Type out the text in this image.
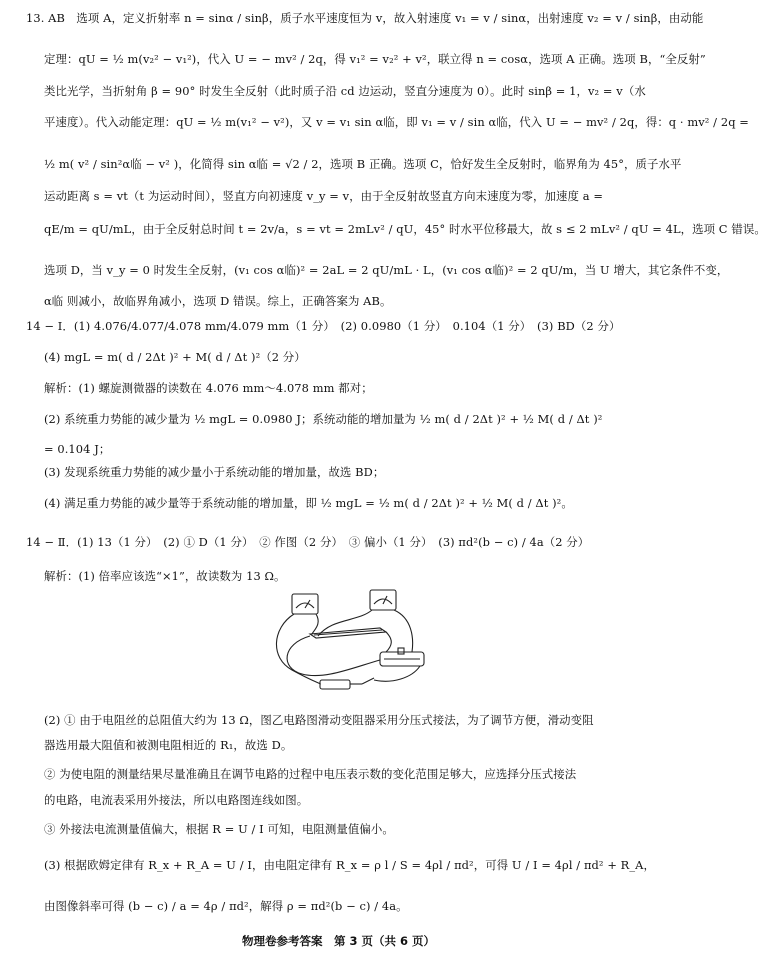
13. AB　选项 A，定义折射率 n = sinα / sinβ，质子水平速度恒为 v，故入射速度 v₁ = v / sinα，出射速度 v₂ = v / sinβ，由动能
定理：qU = ½ m(v₂² − v₁²)，代入 U = − mv² / 2q，得 v₁² = v₂² + v²，联立得 n = cosα，选项 A 正确。选项 B，“全反射”
类比光学，当折射角 β = 90° 时发生全反射（此时质子沿 cd 边运动，竖直分速度为 0）。此时 sinβ = 1，v₂ = v（水
平速度）。代入动能定理：qU = ½ m(v₁² − v²)，又 v = v₁ sin α临，即 v₁ = v / sin α临，代入 U = − mv² / 2q，得：q · mv² / 2q =
½ m( v² / sin²α临 − v² )，化简得 sin α临 = √2 / 2，选项 B 正确。选项 C，恰好发生全反射时，临界角为 45°，质子水平
运动距离 s = vt（t 为运动时间），竖直方向初速度 v_y = v，由于全反射故竖直方向末速度为零，加速度 a =
qE/m = qU/mL，由于全反射总时间 t = 2v/a，s = vt = 2mLv² / qU，45° 时水平位移最大，故 s ≤ 2 mLv² / qU = 4L，选项 C 错误。
选项 D，当 v_y = 0 时发生全反射，(v₁ cos α临)² = 2aL = 2 qU/mL · L，(v₁ cos α临)² = 2 qU/m，当 U 增大，其它条件不变，
α临 则减小，故临界角减小，选项 D 错误。综上，正确答案为 AB。
14 − Ⅰ．(1) 4.076/4.077/4.078 mm/4.079 mm（1 分）　(2) 0.0980（1 分）　0.104（1 分）　(3) BD（2 分）
(4) mgL = m( d / 2Δt )² + M( d / Δt )²（2 分）
解析：(1) 螺旋测微器的读数在 4.076 mm～4.078 mm 都对；
(2) 系统重力势能的减少量为 ½ mgL = 0.0980 J；系统动能的增加量为 ½ m( d / 2Δt )² + ½ M( d / Δt )²
= 0.104 J；
(3) 发现系统重力势能的减少量小于系统动能的增加量，故选 BD；
(4) 满足重力势能的减少量等于系统动能的增加量，即 ½ mgL = ½ m( d / 2Δt )² + ½ M( d / Δt )²。
14 − Ⅱ．(1) 13（1 分）　(2) ① D（1 分）　② 作图（2 分）　③ 偏小（1 分）　(3) πd²(b − c) / 4a（2 分）
解析：(1) 倍率应该选“×1”，故读数为 13 Ω。
(2) ① 由于电阻丝的总阻值大约为 13 Ω，图乙电路图滑动变阻器采用分压式接法，为了调节方便，滑动变阻
器选用最大阻值和被测电阻相近的 R₁，故选 D。
② 为使电阻的测量结果尽量准确且在调节电路的过程中电压表示数的变化范围足够大，应选择分压式接法
的电路，电流表采用外接法，所以电路图连线如图。
③ 外接法电流测量值偏大，根据 R = U / I 可知，电阻测量值偏小。
(3) 根据欧姆定律有 R_x + R_A = U / I，由电阻定律有 R_x = ρ l / S = 4ρl / πd²，可得 U / I = 4ρl / πd² + R_A，
由图像斜率可得 (b − c) / a = 4ρ / πd²，解得 ρ = πd²(b − c) / 4a。
物理卷参考答案　第 3 页（共 6 页）
